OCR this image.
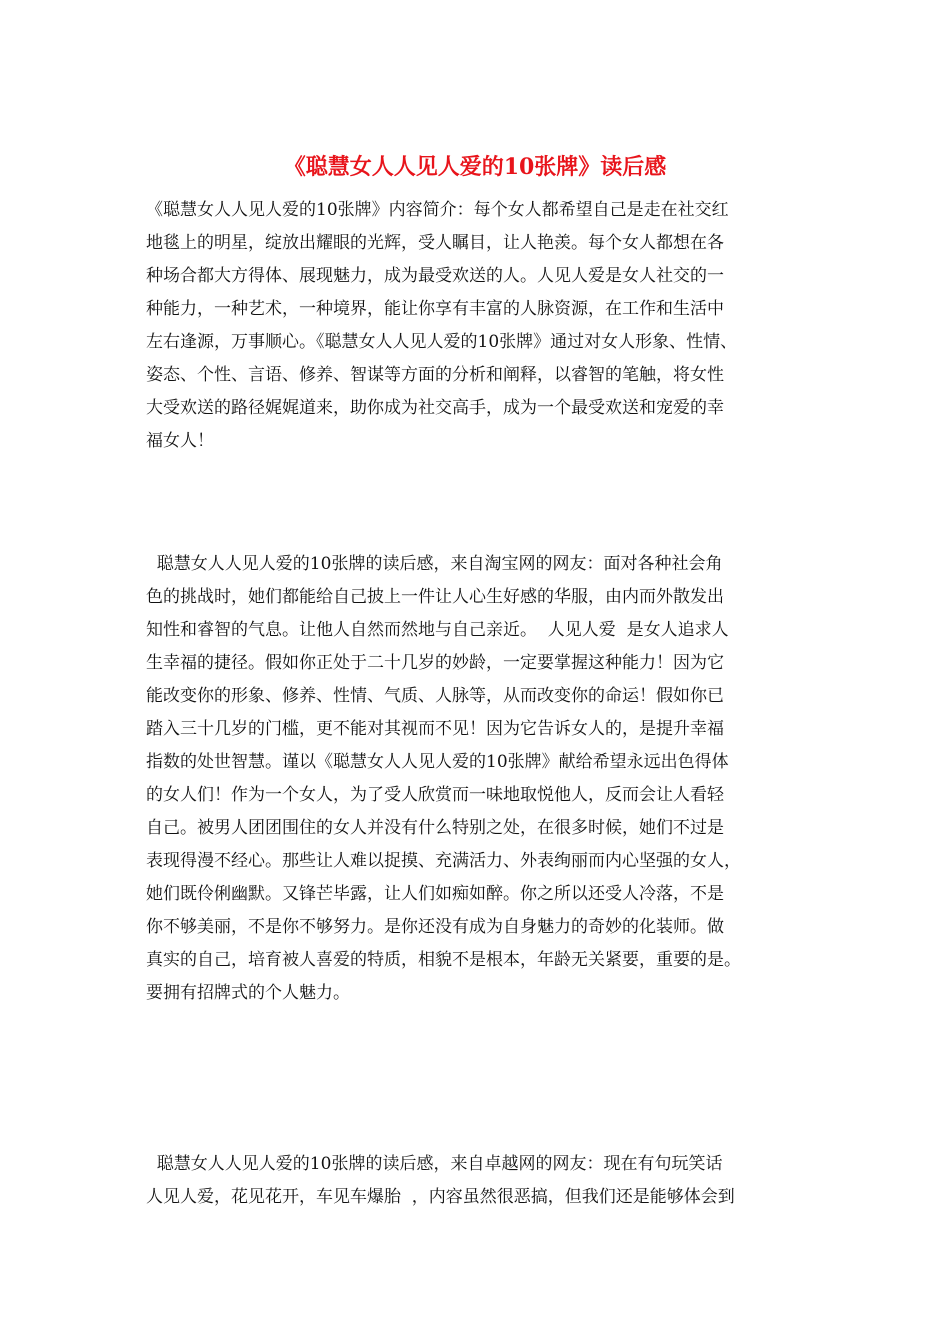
《聪慧女人人见人爱的10张牌》读后感
《聪慧女人人见人爱的10张牌》内容简介：每个女人都希望自己是走在社交红
地毯上的明星，绽放出耀眼的光辉，受人瞩目，让人艳羡。每个女人都想在各
种场合都大方得体、展现魅力，成为最受欢送的人。人见人爱是女人社交的一
种能力，一种艺术，一种境界，能让你享有丰富的人脉资源，在工作和生活中
左右逢源，万事顺心。《聪慧女人人见人爱的10张牌》通过对女人形象、性情、
姿态、个性、言语、修养、智谋等方面的分析和阐释，以睿智的笔触，将女性
大受欢送的路径娓娓道来，助你成为社交高手，成为一个最受欢送和宠爱的幸
福女人！
聪慧女人人见人爱的10张牌的读后感，来自淘宝网的网友：面对各种社会角
色的挑战时，她们都能给自己披上一件让人心生好感的华服，由内而外散发出
知性和睿智的气息。让他人自然而然地与自己亲近。  人见人爱  是女人追求人
生幸福的捷径。假如你正处于二十几岁的妙龄，一定要掌握这种能力！因为它
能改变你的形象、修养、性情、气质、人脉等，从而改变你的命运！假如你已
踏入三十几岁的门槛，更不能对其视而不见！因为它告诉女人的，是提升幸福
指数的处世智慧。谨以《聪慧女人人见人爱的10张牌》献给希望永远出色得体
的女人们！作为一个女人，为了受人欣赏而一味地取悦他人，反而会让人看轻
自己。被男人团团围住的女人并没有什么特别之处，在很多时候，她们不过是
表现得漫不经心。那些让人难以捉摸、充满活力、外表绚丽而内心坚强的女人，
她们既伶俐幽默。又锋芒毕露，让人们如痴如醉。你之所以还受人冷落，不是
你不够美丽，不是你不够努力。是你还没有成为自身魅力的奇妙的化装师。做
真实的自己，培育被人喜爱的特质，相貌不是根本，年龄无关紧要，重要的是。
要拥有招牌式的个人魅力。
聪慧女人人见人爱的10张牌的读后感，来自卓越网的网友：现在有句玩笑话
人见人爱，花见花开，车见车爆胎  ，内容虽然很恶搞，但我们还是能够体会到
